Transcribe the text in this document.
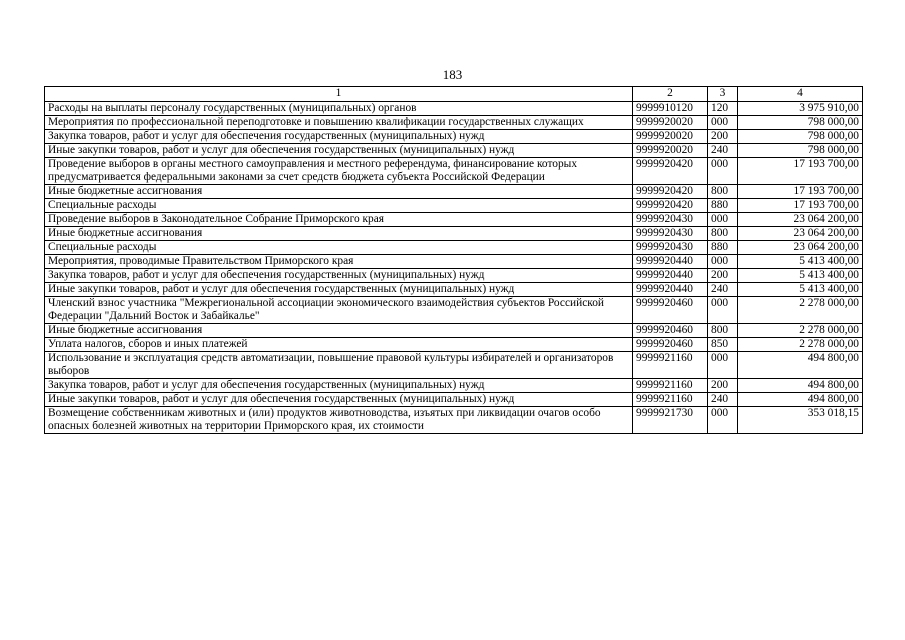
183
1	2	3	4
Расходы на выплаты персоналу государственных (муниципальных) органов	9999910120	120	3 975 910,00
Мероприятия по профессиональной переподготовке и повышению квалификации государственных служащих	9999920020	000	798 000,00
Закупка товаров, работ и услуг для обеспечения государственных (муниципальных) нужд	9999920020	200	798 000,00
Иные закупки товаров, работ и услуг для обеспечения государственных (муниципальных) нужд	9999920020	240	798 000,00
Проведение выборов в органы местного самоуправления и местного референдума, финансирование которых предусматривается федеральными законами за счет средств бюджета субъекта Российской Федерации	9999920420	000	17 193 700,00
Иные бюджетные ассигнования	9999920420	800	17 193 700,00
Специальные расходы	9999920420	880	17 193 700,00
Проведение выборов в Законодательное Собрание Приморского края	9999920430	000	23 064 200,00
Иные бюджетные ассигнования	9999920430	800	23 064 200,00
Специальные расходы	9999920430	880	23 064 200,00
Мероприятия, проводимые Правительством Приморского края	9999920440	000	5 413 400,00
Закупка товаров, работ и услуг для обеспечения государственных (муниципальных) нужд	9999920440	200	5 413 400,00
Иные закупки товаров, работ и услуг для обеспечения государственных (муниципальных) нужд	9999920440	240	5 413 400,00
Членский взнос участника "Межрегиональной ассоциации экономического взаимодействия субъектов Российской Федерации "Дальний Восток и Забайкалье"	9999920460	000	2 278 000,00
Иные бюджетные ассигнования	9999920460	800	2 278 000,00
Уплата налогов, сборов и иных платежей	9999920460	850	2 278 000,00
Использование и эксплуатация средств автоматизации, повышение правовой культуры избирателей и организаторов выборов	9999921160	000	494 800,00
Закупка товаров, работ и услуг для обеспечения государственных (муниципальных) нужд	9999921160	200	494 800,00
Иные закупки товаров, работ и услуг для обеспечения государственных (муниципальных) нужд	9999921160	240	494 800,00
Возмещение собственникам животных и (или) продуктов животноводства, изъятых при ликвидации очагов особо опасных болезней животных на территории Приморского края, их стоимости	9999921730	000	353 018,15
